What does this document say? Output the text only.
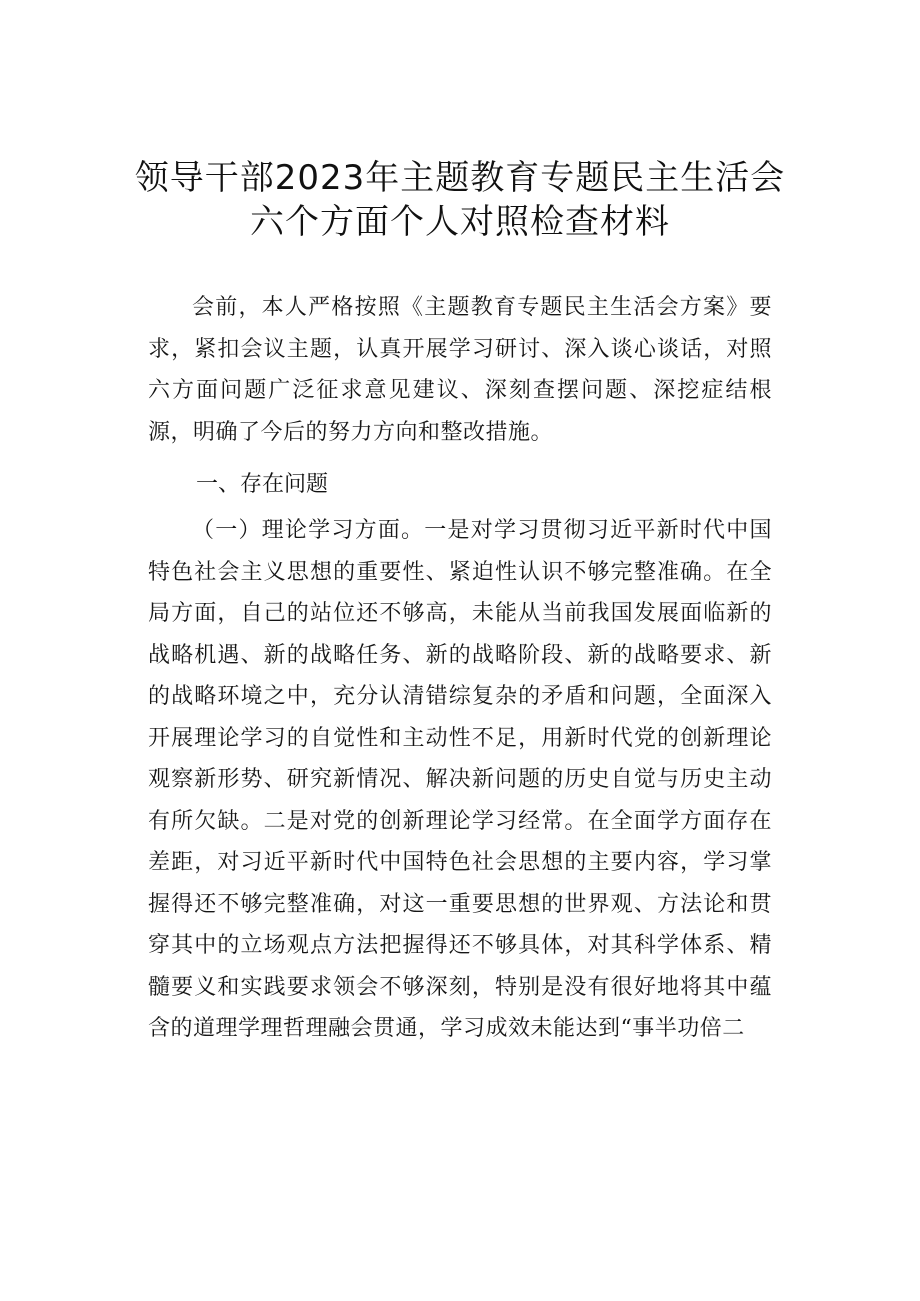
领导干部2023年主题教育专题民主生活会
六个方面个人对照检查材料

会前，本人严格按照《主题教育专题民主生活会方案》要求，紧扣会议主题，认真开展学习研讨、深入谈心谈话，对照六方面问题广泛征求意见建议、深刻查摆问题、深挖症结根源，明确了今后的努力方向和整改措施。

一、存在问题

（一）理论学习方面。一是对学习贯彻习近平新时代中国特色社会主义思想的重要性、紧迫性认识不够完整准确。在全局方面，自己的站位还不够高，未能从当前我国发展面临新的战略机遇、新的战略任务、新的战略阶段、新的战略要求、新的战略环境之中，充分认清错综复杂的矛盾和问题，全面深入开展理论学习的自觉性和主动性不足，用新时代党的创新理论观察新形势、研究新情况、解决新问题的历史自觉与历史主动有所欠缺。二是对党的创新理论学习经常。在全面学方面存在差距，对习近平新时代中国特色社会思想的主要内容，学习掌握得还不够完整准确，对这一重要思想的世界观、方法论和贯穿其中的立场观点方法把握得还不够具体，对其科学体系、精髓要义和实践要求领会不够深刻，特别是没有很好地将其中蕴含的道理学理哲理融会贯通，学习成效未能达到“事半功倍二
